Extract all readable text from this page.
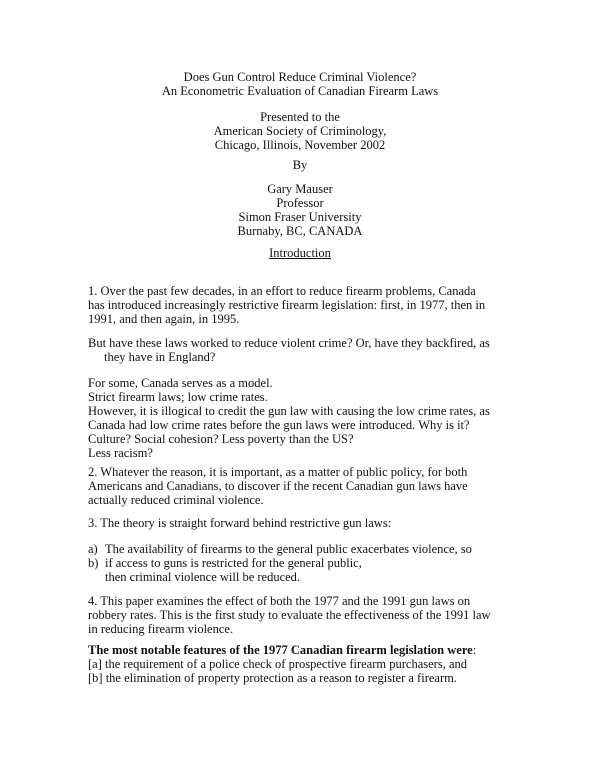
Does Gun Control Reduce Criminal Violence?
An Econometric Evaluation of Canadian Firearm Laws
Presented to the
American Society of Criminology,
Chicago, Illinois, November 2002
By
Gary Mauser
Professor
Simon Fraser University
Burnaby, BC, CANADA
Introduction
1. Over the past few decades, in an effort to reduce firearm problems, Canada
has introduced increasingly restrictive firearm legislation: first, in 1977, then in
1991, and then again, in 1995.
But have these laws worked to reduce violent crime? Or, have they backfired, as
they have in England?
For some, Canada serves as a model.
Strict firearm laws; low crime rates.
However, it is illogical to credit the gun law with causing the low crime rates, as
Canada had low crime rates before the gun laws were introduced. Why is it?
Culture? Social cohesion? Less poverty than the US?
Less racism?
2. Whatever the reason, it is important, as a matter of public policy, for both
Americans and Canadians, to discover if the recent Canadian gun laws have
actually reduced criminal violence.
3. The theory is straight forward behind restrictive gun laws:
a) The availability of firearms to the general public exacerbates violence, so
b) if access to guns is restricted for the general public,
then criminal violence will be reduced.
4. This paper examines the effect of both the 1977 and the 1991 gun laws on
robbery rates. This is the first study to evaluate the effectiveness of the 1991 law
in reducing firearm violence.
The most notable features of the 1977 Canadian firearm legislation were:
[a] the requirement of a police check of prospective firearm purchasers, and
[b] the elimination of property protection as a reason to register a firearm.
